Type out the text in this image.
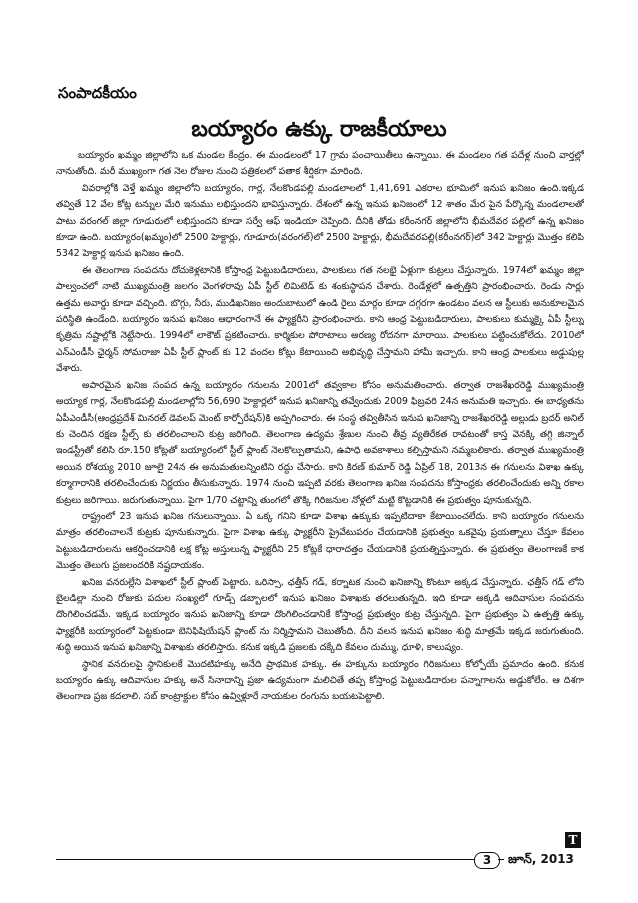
సంపాదకీయం
బయ్యారం ఉక్కు రాజకీయాలు

బయ్యారం ఖమ్మం జిల్లాలోని ఒక మండల కేంద్రం. ఈ మండలంలో 17 గ్రామ పంచాయితీలు ఉన్నాయి. ఈ మండలం గత పదేళ్ల నుంచి వార్తల్లో నానుతోంది. మరీ ముఖ్యంగా గత నెల రోజుల నుంచి పత్రికలలో పతాక శీర్షికగా మారింది.

వివరాల్లోకి వెళ్తే ఖమ్మం జిల్లాలోని బయ్యారం, గార్ల, నేలకొండపల్లి మండలాలలో 1,41,691 ఎకరాల భూమిలో ఇనుప ఖనిజం ఉంది.ఇక్కడ తవ్వితే 12 వేల కోట్ల టన్నుల మేరి ఇనుము లభిస్తుందని భావిస్తున్నారు. దేశంలో ఉన్న ఇనుప ఖనిజంలో 12 శాతం మేర పైన పేర్కొన్న మండలాలతో పాటు వరంగల్ జిల్లా గూడురులో లభిస్తుందని కూడా సర్వే ఆఫ్ ఇండియా చెప్పింది. దీనికి తోడు కరీంనగర్ జిల్లాలోని భీమదేవర పల్లిలో ఉన్న ఖనిజం కూడా ఉంది. బయ్యారం(ఖమ్మం)లో 2500 హెక్టార్లు, గూడూరు(వరంగల్)లో 2500 హెక్టార్లు, భీమదేవరపల్లి(కరీంనగర్)లో 342 హెక్టార్లు మొత్తం కలిపి 5342 హెక్టార్ల ఇనుప ఖనిజం ఉంది.

ఈ తెలంగాణ సంపదను దోచుకెళ్లటానికి కోస్తాంధ్ర పెట్టుబడిదారులు, పాలకులు గత నలభై ఏళ్లుగా కుట్రలు చేస్తున్నారు. 1974లో ఖమ్మం జిల్లా పాల్వంచలో నాటి ముఖ్యమంత్రి జలగం వెంగళరావు ఏపీ స్టీల్ లిమిటెడ్ కు శంకుస్థాపన చేశారు. రెండేళ్లలో ఉత్పత్తిని ప్రారంభించారు. రెండు సార్లు ఉత్తమ అవార్డు కూడా వచ్చింది. బొగ్గు, నీరు, ముడిఖనిజం అందుబాటులో ఉండి రైలు మార్గం కూడా దగ్గరగా ఉండటం వలన ఆ స్టీలుకు అనుకూలమైన పరిస్థితి ఉండేంది. బయ్యారం ఇనుప ఖనిజం ఆధారంగానే ఈ ఫ్యాక్టరీని ప్రారంభించారు. కాని ఆంధ్ర పెట్టుబడిదారులు, పాలకులు కుమ్మక్కై ఏపీ స్టీల్ను కృత్రిమ నష్టాల్లోకి నెట్టేసారు. 1994లో లాకౌట్ ప్రకటించారు. కార్మికుల పోరాటాలు అరణ్య రోదనగా మారాయి. పాలకులు పట్టించుకోలేదు. 2010లో ఎన్ఎండీసీ ఛైర్మన్ సోమరాజా ఏపీ స్టీల్ ప్లాంట్ కు 12 వందల కోట్లు కేటాయించి అభివృద్ధి చేస్తామని హామీ ఇచ్చారు. కాని ఆంధ్ర పాలకులు అడ్డుపుల్ల వేశారు.

అపారమైన ఖనిజ సంపద ఉన్న బయ్యారం గనులను 2001లో తవ్వకాల కోసం అనుమతించారు. తర్వాత రాజశేఖరరెడ్డి ముఖ్యమంత్రి అయ్యాక గార్ల, నేలకొండపల్లి మండలాల్లోని 56,690 హెక్టార్లలో ఇనుప ఖనిజాన్ని తవ్వేందుకు 2009 ఫిబ్రవరి 24న అనుమతి ఇచ్చారు. ఈ బాధ్యతను ఏపీఎండీసీ(ఆంధ్రప్రదేశ్ మినరల్ డెవలప్ మెంట్ కార్పోరేషన్)కి అప్పగించారు. ఈ సంస్థ తవ్వితీసిన ఇనుప ఖనిజాన్ని రాజశేఖరరెడ్డి అల్లుడు బ్రదర్ అనిల్ కు చెందిన రక్షణ స్టీల్స్ కు తరలించాలని కుట్ర జరిగింది. తెలంగాణ ఉద్యమ శ్రేణుల నుంచి తీవ్ర వ్యతిరేకత రావటంతో కాస్త వెనక్కి తగ్గి జిన్నాల్ ఇండస్ట్రీతో కలిసి రూ.150 కోట్లతో బయ్యారంలో స్టీల్ ప్లాంట్ నెలకొల్పుతామని, ఉపాధి అవకాశాలు కల్పిస్తామని నమ్మబలికారు. తర్వాత ముఖ్యమంత్రి అయిన రోశయ్య 2010 జూలై 24న ఈ అనుమతులన్నింటిని రద్దు చేసారు. కాని కిరణ్ కుమార్ రెడ్డి ఏప్రిల్ 18, 2013న ఈ గనులను విశాఖ ఉక్కు కర్మాగారానికి తరలించేందుకు నిర్ణయం తీసుకున్నారు. 1974 నుంచి ఇప్పటి వరకు తెలంగాణ ఖనిజ సంపదను కోస్తాంధ్రకు తరలించేందుకు అన్ని రకాల కుట్రలు జరిగాయి. జరుగుతున్నాయి. పైగా 1/70 చట్టాన్ని తుంగలో తొక్కి గిరిజనుల నోళ్లలో మట్టి కొట్టడానికి ఈ ప్రభుత్వం పూనుకున్నది.

రాష్ట్రంలో 23 ఇనుప ఖనిజ గనులున్నాయి. ఏ ఒక్క గనిని కూడా విశాఖ ఉక్కుకు ఇప్పటిదాకా కేటాయించలేదు. కాని బయ్యారం గనులను మాత్రం తరలించాలనే కుట్రకు పూనుకున్నారు. పైగా విశాఖ ఉక్కు ఫ్యాక్టరీని ప్రైవేటుపరం చేయడానికి ప్రభుత్వం ఒకవైపు ప్రయత్నాలు చేస్తూ కేవలం పెట్టుబడిదారులను ఆకర్షించడానికి లక్ష కోట్ల అస్తులున్న ఫ్యాక్టరీని 25 కోట్లకే ధారాదత్తం చేయడానికి ప్రయత్నిస్తున్నారు. ఈ ప్రభుత్వం తెలంగాణకే కాక మొత్తం తెలుగు ప్రజలందరికి నష్టదాయకం.

ఖనిజ వనరుల్లేని విశాఖలో స్టీల్ ప్లాంట్ పెట్టారు. ఒరిస్సా, ఛత్తీస్ గడ్, కర్నాటక నుంచి ఖనిజాన్ని కొంటూ అక్కడ చేస్తున్నారు. ఛత్తీస్ గడ్ లోని బైలడిల్లా నుంచి రోజుకు పదుల సంఖ్యలో గూడ్స్ డబ్బాలలో ఇనుప ఖనిజం విశాఖకు తరలుతున్నది. ఇది కూడా అక్కడి ఆదివాసుల సంపదను దొంగిలించడమే. ఇక్కడ బయ్యారం ఇనుప ఖనిజాన్ని కూడా దొంగిలించడానికే కోస్తాంధ్ర ప్రభుత్వం కుట్ర చేస్తున్నది. పైగా ప్రభుత్వం ఏ ఉత్పత్తి ఉక్కు ఫ్యాక్టరీకి బయ్యారంలో పెట్టకుండా బెనిఫిషియేషన్ ప్లాంట్ ను నిర్మిస్తామని చెబుతోంది. దీని వలన ఇనుప ఖనిజం శుద్ధి మాత్రమే ఇక్కడ జరుగుతుంది. శుద్ధి అయిన ఇనుప ఖనిజాన్ని విశాఖకు తరలిస్తారు. కనుక ఇక్కడి ప్రజలకు దక్కేది కేవలం దుమ్ము, ధూళి, కాలుష్యం.

స్థానిక వనరులపై స్థానికులకే మొదటిహక్కు అనేది ప్రాథమిక హక్కు. ఈ హక్కును బయ్యారం గిరిజనులు కోల్పోయే ప్రమాదం ఉంది. కనుక బయ్యారం ఉక్కు ఆదివాసుల హక్కు అనే సినాదాన్ని ప్రజా ఉద్యమంగా మలిచితే తప్ప కోస్తాంధ్ర పెట్టుబడిదారుల పన్నాగాలను అడ్డుకోలేం. ఆ దిశగా తెలంగాణ ప్రజ కదలాలి. సబ్ కాంట్రాక్టుల కోసం ఉవ్విళ్లూరే నాయకుల రంగును బయటపెట్టాలి.

T
3	జూన్, 2013
